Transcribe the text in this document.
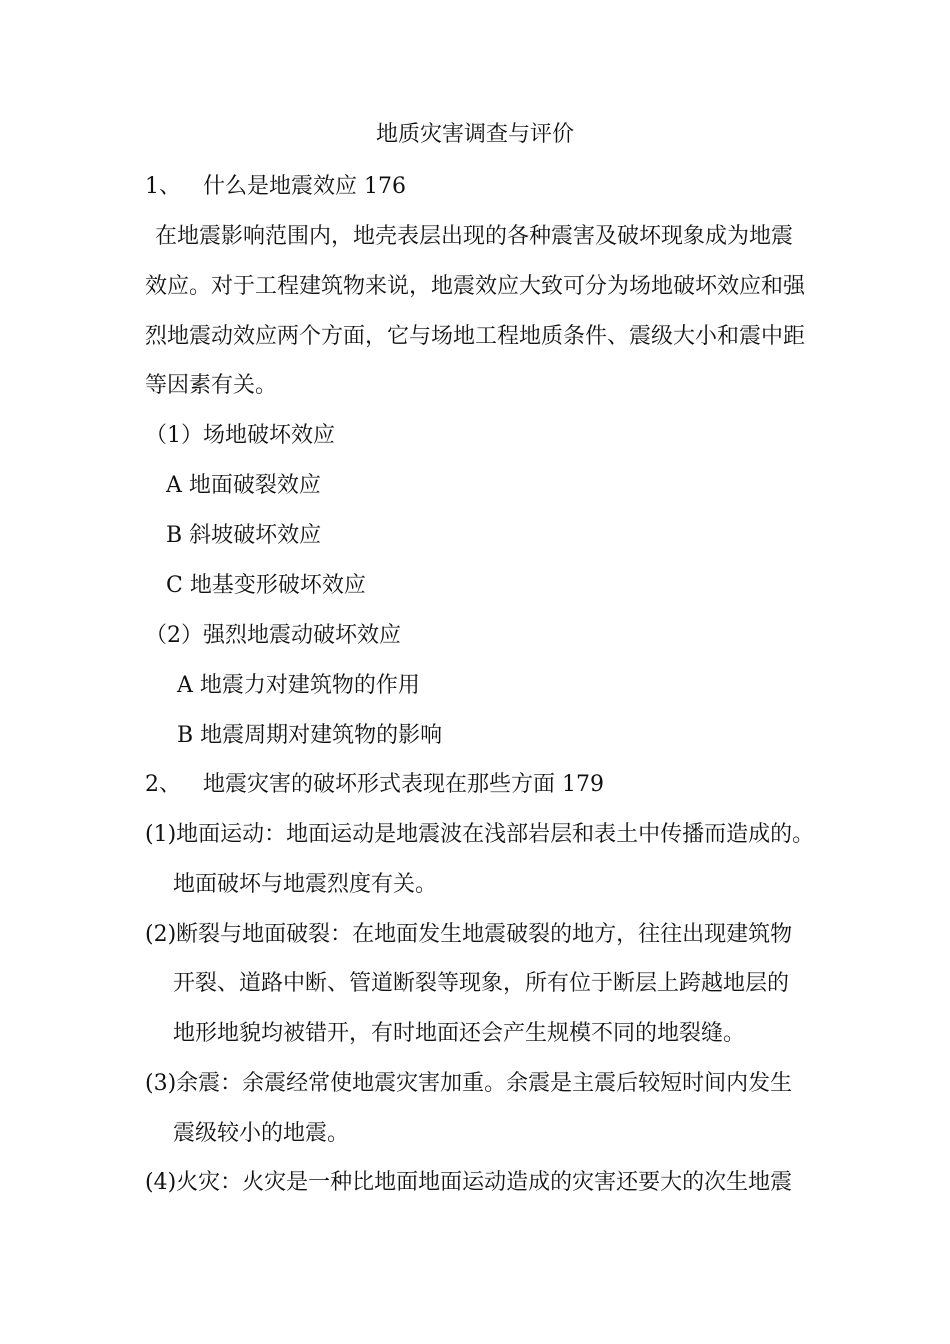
地质灾害调查与评价
1、 什么是地震效应 176
在地震影响范围内，地壳表层出现的各种震害及破坏现象成为地震
效应。对于工程建筑物来说，地震效应大致可分为场地破坏效应和强
烈地震动效应两个方面，它与场地工程地质条件、震级大小和震中距
等因素有关。
（1）场地破坏效应
A 地面破裂效应
B 斜坡破坏效应
C 地基变形破坏效应
（2）强烈地震动破坏效应
A 地震力对建筑物的作用
B 地震周期对建筑物的影响
2、 地震灾害的破坏形式表现在那些方面 179
(1)地面运动：地面运动是地震波在浅部岩层和表土中传播而造成的。
地面破坏与地震烈度有关。
(2)断裂与地面破裂：在地面发生地震破裂的地方，往往出现建筑物
开裂、道路中断、管道断裂等现象，所有位于断层上跨越地层的
地形地貌均被错开，有时地面还会产生规模不同的地裂缝。
(3)余震：余震经常使地震灾害加重。余震是主震后较短时间内发生
震级较小的地震。
(4)火灾：火灾是一种比地面地面运动造成的灾害还要大的次生地震
